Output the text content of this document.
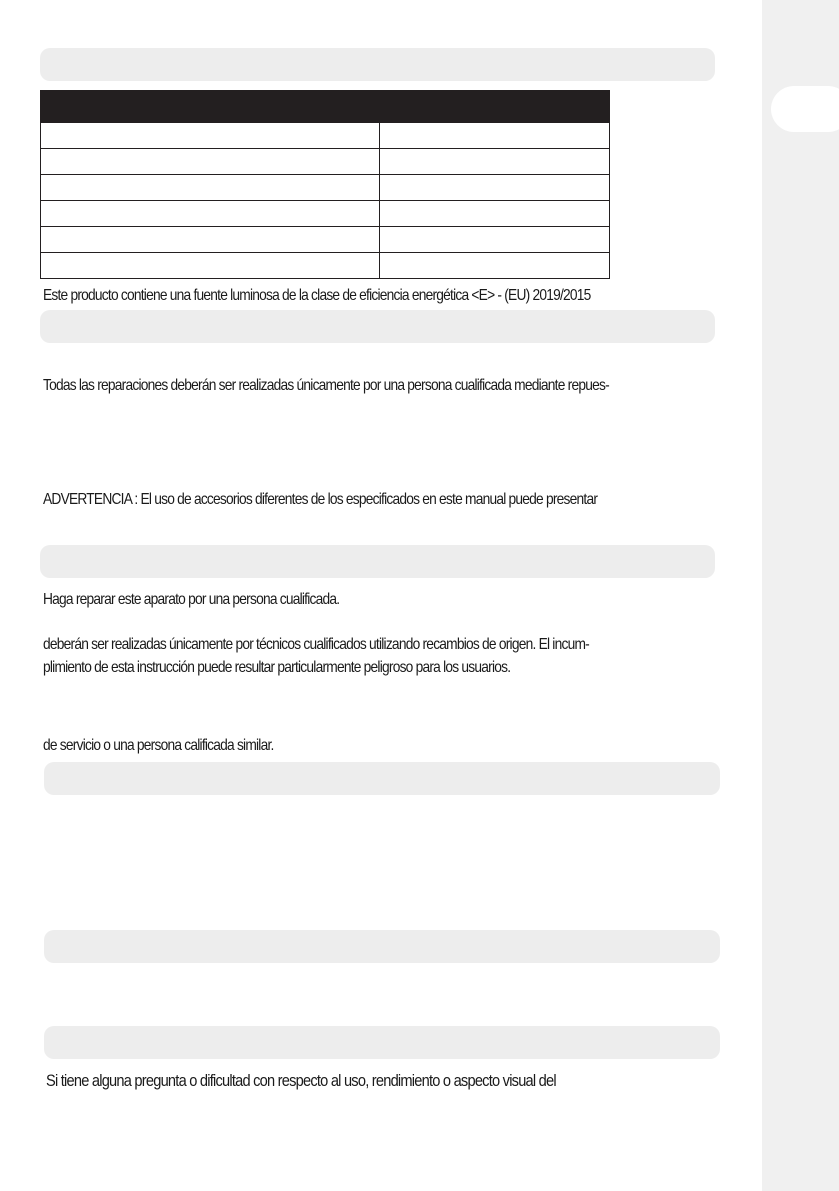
Este producto contiene una fuente luminosa de la clase de eficiencia energética <E> - (EU) 2019/2015
Todas las reparaciones deberán ser realizadas únicamente por una persona cualificada mediante repues-
ADVERTENCIA : El uso de accesorios diferentes de los especificados en este manual puede presentar
Haga reparar este aparato por una persona cualificada.
deberán ser realizadas únicamente por técnicos cualificados utilizando recambios de origen. El incum-
plimiento de esta instrucción puede resultar particularmente peligroso para los usuarios.
de servicio o una persona calificada similar.
Si tiene alguna pregunta o dificultad con respecto al uso, rendimiento o aspecto visual del
